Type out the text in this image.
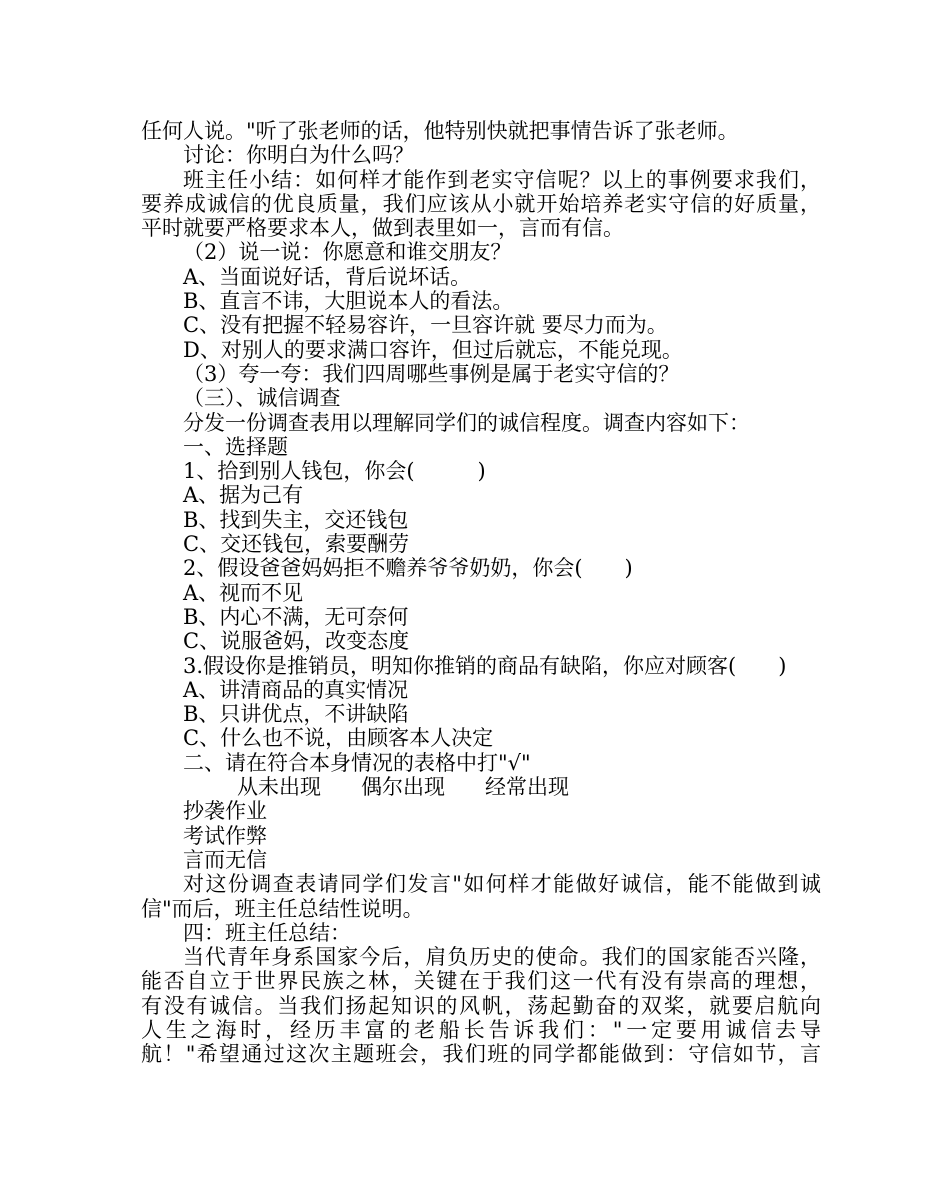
任何人说。"听了张老师的话，他特别快就把事情告诉了张老师。
讨论：你明白为什么吗？
班主任小结：如何样才能作到老实守信呢？以上的事例要求我们，
要养成诚信的优良质量，我们应该从小就开始培养老实守信的好质量，
平时就要严格要求本人，做到表里如一，言而有信。
（2）说一说：你愿意和谁交朋友？
A、当面说好话，背后说坏话。
B、直言不讳，大胆说本人的看法。
C、没有把握不轻易容许，一旦容许就 要尽力而为。
D、对别人的要求满口容许，但过后就忘，不能兑现。
（3）夸一夸：我们四周哪些事例是属于老实守信的？
（三）、诚信调查
分发一份调查表用以理解同学们的诚信程度。调查内容如下：
一、选择题
1、拾到别人钱包，你会(　　　)
A、据为己有
B、找到失主，交还钱包
C、交还钱包，索要酬劳
2、假设爸爸妈妈拒不赡养爷爷奶奶，你会(　　)
A、视而不见
B、内心不满，无可奈何
C、说服爸妈，改变态度
3.假设你是推销员，明知你推销的商品有缺陷，你应对顾客(　　)
A、讲清商品的真实情况
B、只讲优点，不讲缺陷
C、什么也不说，由顾客本人决定
二、请在符合本身情况的表格中打"√"
从未出现 偶尔出现 经常出现
抄袭作业
考试作弊
言而无信
对这份调查表请同学们发言"如何样才能做好诚信，能不能做到诚
信"而后，班主任总结性说明。
四：班主任总结：
当代青年身系国家今后，肩负历史的使命。我们的国家能否兴隆，
能否自立于世界民族之林，关键在于我们这一代有没有崇高的理想，
有没有诚信。当我们扬起知识的风帆，荡起勤奋的双桨，就要启航向
人生之海时，经历丰富的老船长告诉我们："一定要用诚信去导
航！"希望通过这次主题班会，我们班的同学都能做到：守信如节，言
